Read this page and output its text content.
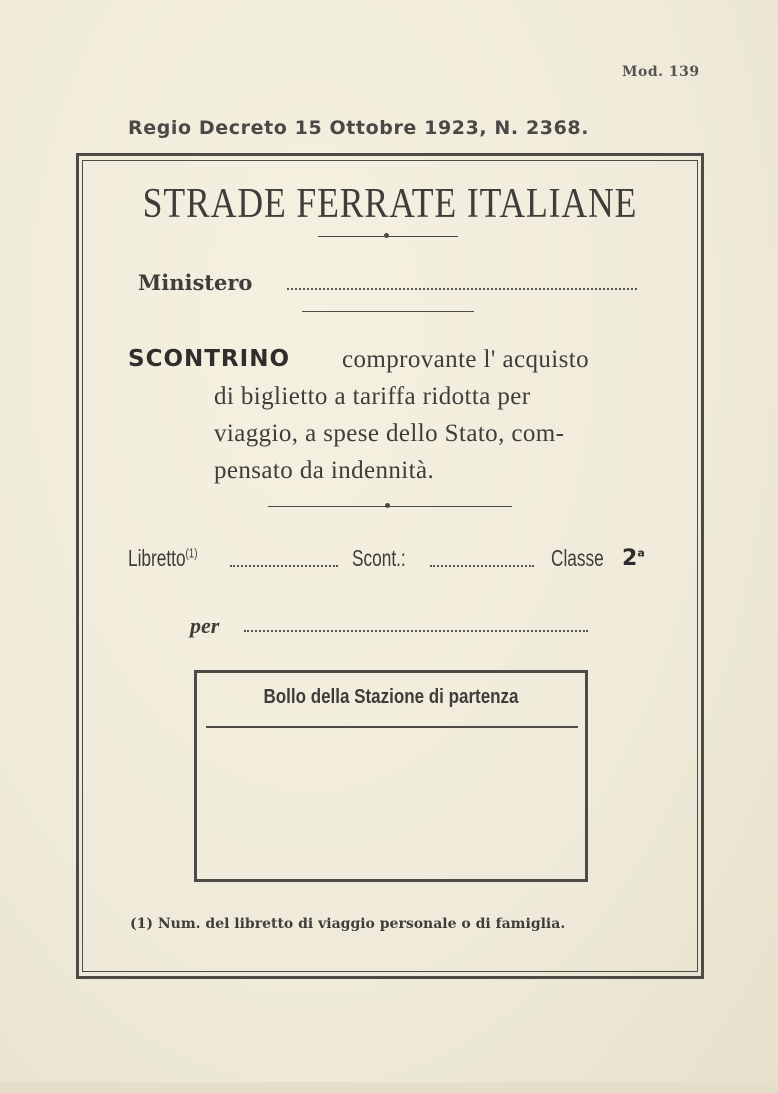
Mod. 139
Regio Decreto 15 Ottobre 1923, N. 2368.
STRADE FERRATE ITALIANE
Ministero
SCONTRINO comprovante l' acquisto
di biglietto a tariffa ridotta per
viaggio, a spese dello Stato, com-
pensato da indennità.
Libretto$^{(1)}$	Scont.:	Classe 2$^a$
per
Bollo della Stazione di partenza
(1) Num. del libretto di viaggio personale o di famiglia.
